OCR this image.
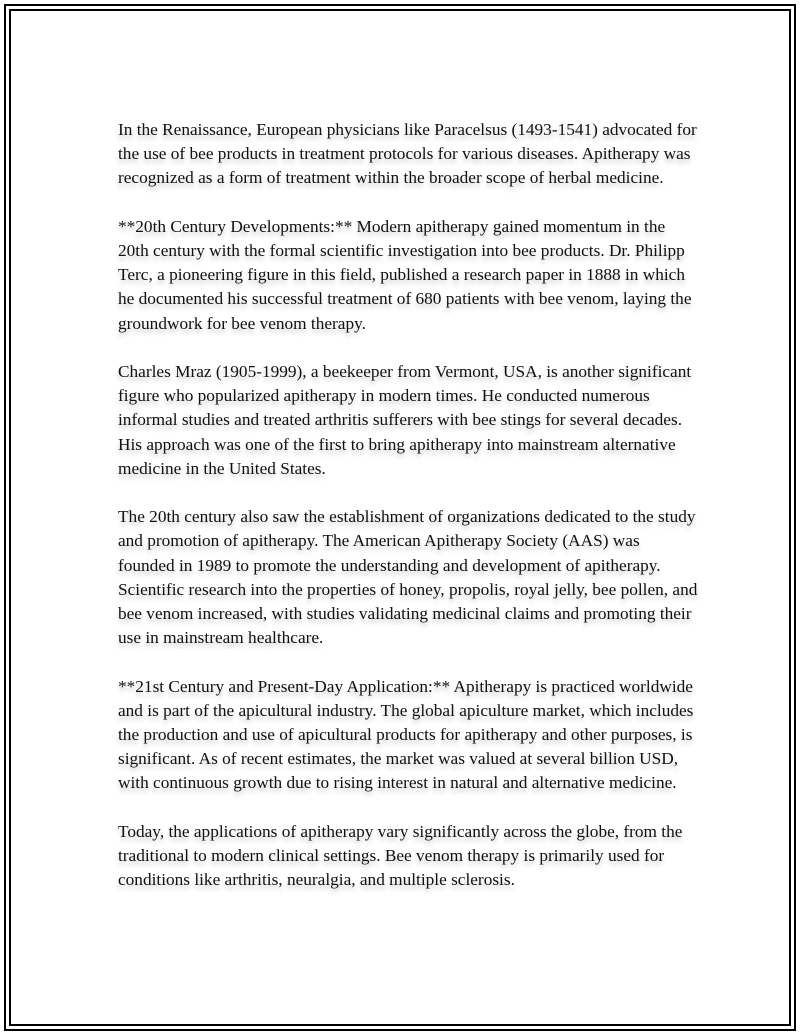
In the Renaissance, European physicians like Paracelsus (1493-1541) advocated for the use of bee products in treatment protocols for various diseases. Apitherapy was recognized as a form of treatment within the broader scope of herbal medicine.

**20th Century Developments:** Modern apitherapy gained momentum in the 20th century with the formal scientific investigation into bee products. Dr. Philipp Terc, a pioneering figure in this field, published a research paper in 1888 in which he documented his successful treatment of 680 patients with bee venom, laying the groundwork for bee venom therapy.

Charles Mraz (1905-1999), a beekeeper from Vermont, USA, is another significant figure who popularized apitherapy in modern times. He conducted numerous informal studies and treated arthritis sufferers with bee stings for several decades. His approach was one of the first to bring apitherapy into mainstream alternative medicine in the United States.

The 20th century also saw the establishment of organizations dedicated to the study and promotion of apitherapy. The American Apitherapy Society (AAS) was founded in 1989 to promote the understanding and development of apitherapy. Scientific research into the properties of honey, propolis, royal jelly, bee pollen, and bee venom increased, with studies validating medicinal claims and promoting their use in mainstream healthcare.

**21st Century and Present-Day Application:** Apitherapy is practiced worldwide and is part of the apicultural industry. The global apiculture market, which includes the production and use of apicultural products for apitherapy and other purposes, is significant. As of recent estimates, the market was valued at several billion USD, with continuous growth due to rising interest in natural and alternative medicine.

Today, the applications of apitherapy vary significantly across the globe, from the traditional to modern clinical settings. Bee venom therapy is primarily used for conditions like arthritis, neuralgia, and multiple sclerosis.
